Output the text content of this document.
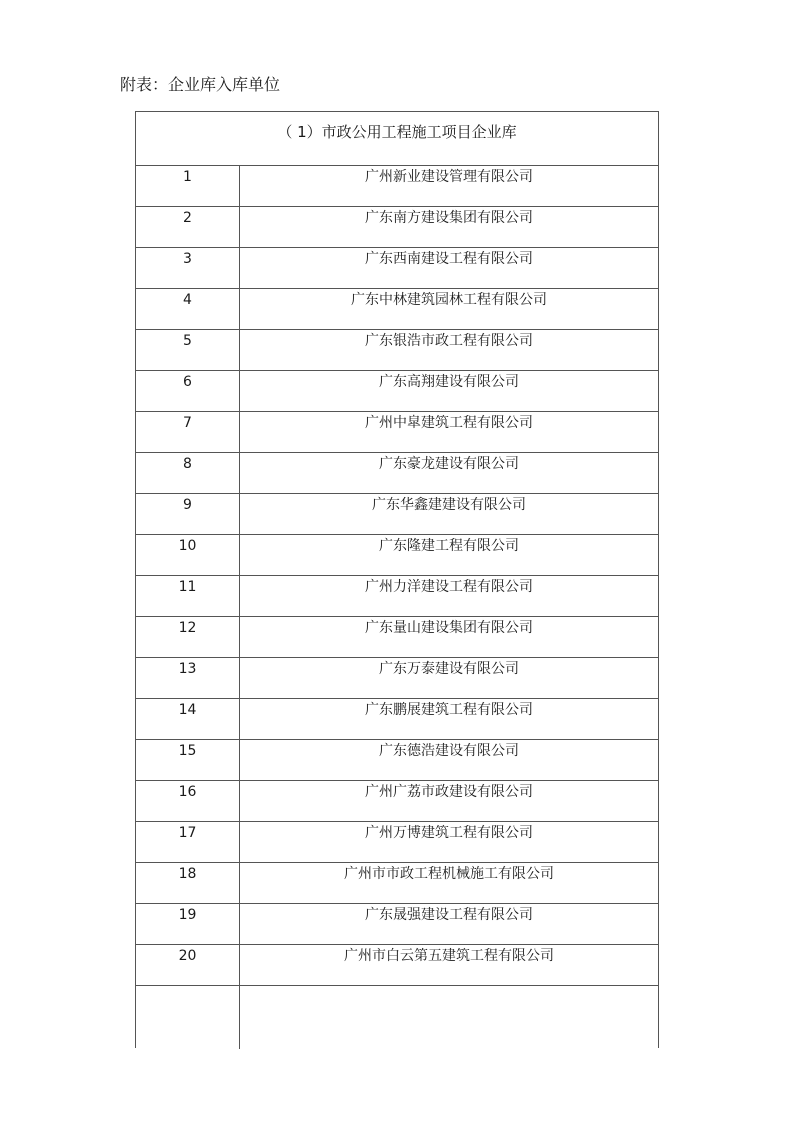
附表：企业库入库单位
（ 1）市政公用工程施工项目企业库
1	广州新业建设管理有限公司
2	广东南方建设集团有限公司
3	广东西南建设工程有限公司
4	广东中林建筑园林工程有限公司
5	广东银浩市政工程有限公司
6	广东高翔建设有限公司
7	广州中皐建筑工程有限公司
8	广东豪龙建设有限公司
9	广东华鑫建建设有限公司
10	广东隆建工程有限公司
11	广州力洋建设工程有限公司
12	广东量山建设集团有限公司
13	广东万泰建设有限公司
14	广东鹏展建筑工程有限公司
15	广东德浩建设有限公司
16	广州广荔市政建设有限公司
17	广州万博建筑工程有限公司
18	广州市市政工程机械施工有限公司
19	广东晟强建设工程有限公司
20	广州市白云第五建筑工程有限公司
